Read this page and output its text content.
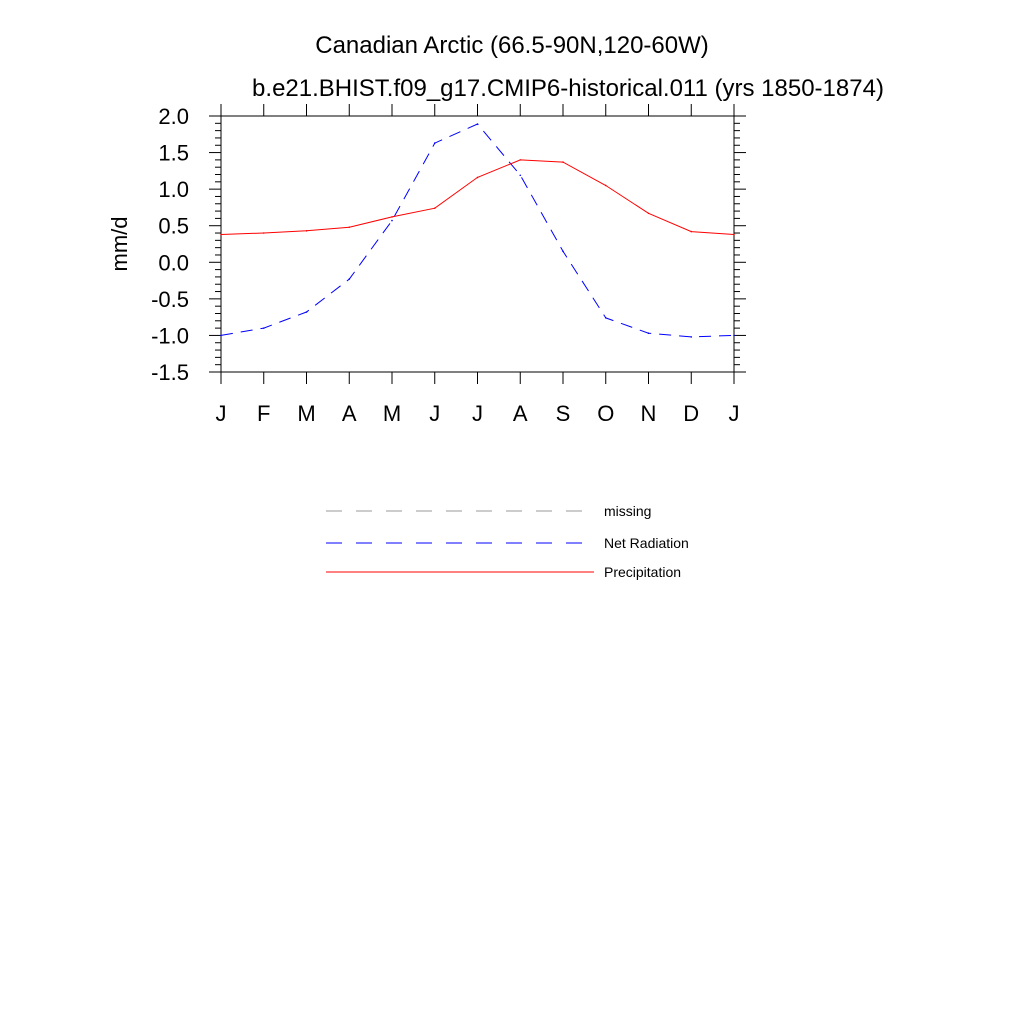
Canadian Arctic (66.5-90N,120-60W)
b.e21.BHIST.f09_g17.CMIP6-historical.011 (yrs 1850-1874)
mm/d
2.0
1.5
1.0
0.5
0.0
-0.5
-1.0
-1.5
J F M A M J J A S O N D J
missing
Net Radiation
Precipitation
